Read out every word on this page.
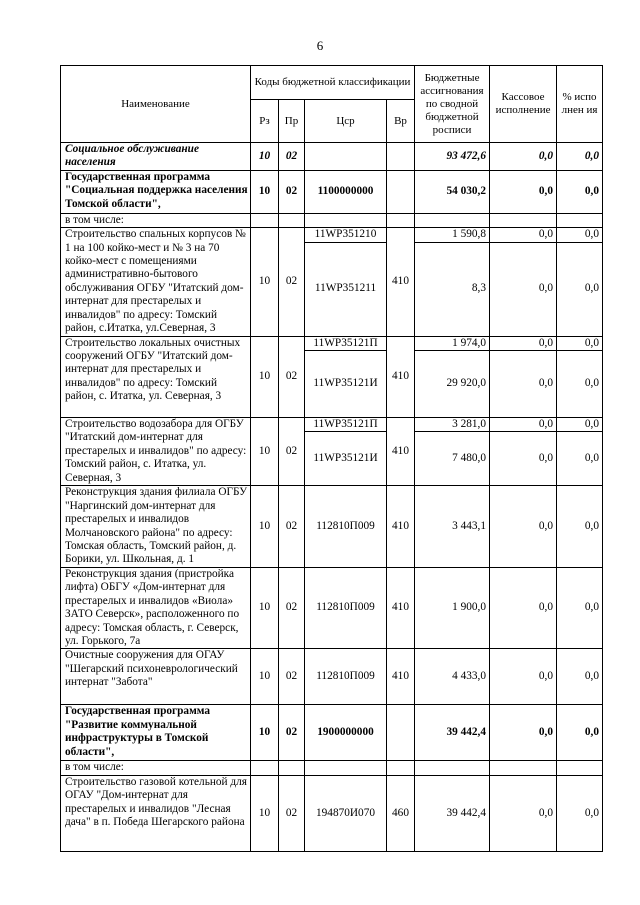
6
Наименование	Коды бюджетной классификации				Бюджетные ассигнования по сводной бюджетной росписи	Кассовое исполнение	% испо лнен ия
	Рз	Пр	Цср	Вр			
Социальное обслуживание населения	10	02			93 472,6	0,0	0,0
Государственная программа "Социальная поддержка населения Томской области",	10	02	1100000000		54 030,2	0,0	0,0
в том числе:							
Строительство спальных корпусов № 1 на 100 койко-мест и № 3 на 70 койко-мест с помещениями административно-бытового обслуживания ОГБУ "Итатский дом-интернат для престарелых и инвалидов" по адресу: Томский район, с.Итатка, ул.Северная, 3	10	02	11WP351210	410	1 590,8	0,0	0,0
			11WP351211		8,3	0,0	0,0
Строительство локальных очистных сооружений ОГБУ "Итатский дом-интернат для престарелых и инвалидов" по адресу: Томский район, с. Итатка, ул. Северная, 3	10	02	11WP35121П	410	1 974,0	0,0	0,0
			11WP35121И		29 920,0	0,0	0,0
Строительство водозабора для ОГБУ "Итатский дом-интернат для престарелых и инвалидов" по адресу: Томский район, с. Итатка, ул. Северная, 3	10	02	11WP35121П	410	3 281,0	0,0	0,0
			11WP35121И		7 480,0	0,0	0,0
Реконструкция здания филиала ОГБУ "Наргинский дом-интернат для престарелых и инвалидов Молчановского района" по адресу: Томская область, Томский район, д. Борики, ул. Школьная, д. 1	10	02	112810П009	410	3 443,1	0,0	0,0
Реконструкция здания (пристройка лифта) ОБГУ «Дом-интернат для престарелых и инвалидов «Виола» ЗАТО Северск», расположенного по адресу: Томская область, г. Северск, ул. Горького, 7а	10	02	112810П009	410	1 900,0	0,0	0,0
Очистные сооружения для ОГАУ "Шегарский психоневрологический интернат "Забота"	10	02	112810П009	410	4 433,0	0,0	0,0
Государственная программа "Развитие коммунальной инфраструктуры в Томской области",	10	02	1900000000		39 442,4	0,0	0,0
в том числе:							
Строительство газовой котельной для ОГАУ "Дом-интернат для престарелых и инвалидов "Лесная дача" в п. Победа Шегарского района	10	02	194870И070	460	39 442,4	0,0	0,0
